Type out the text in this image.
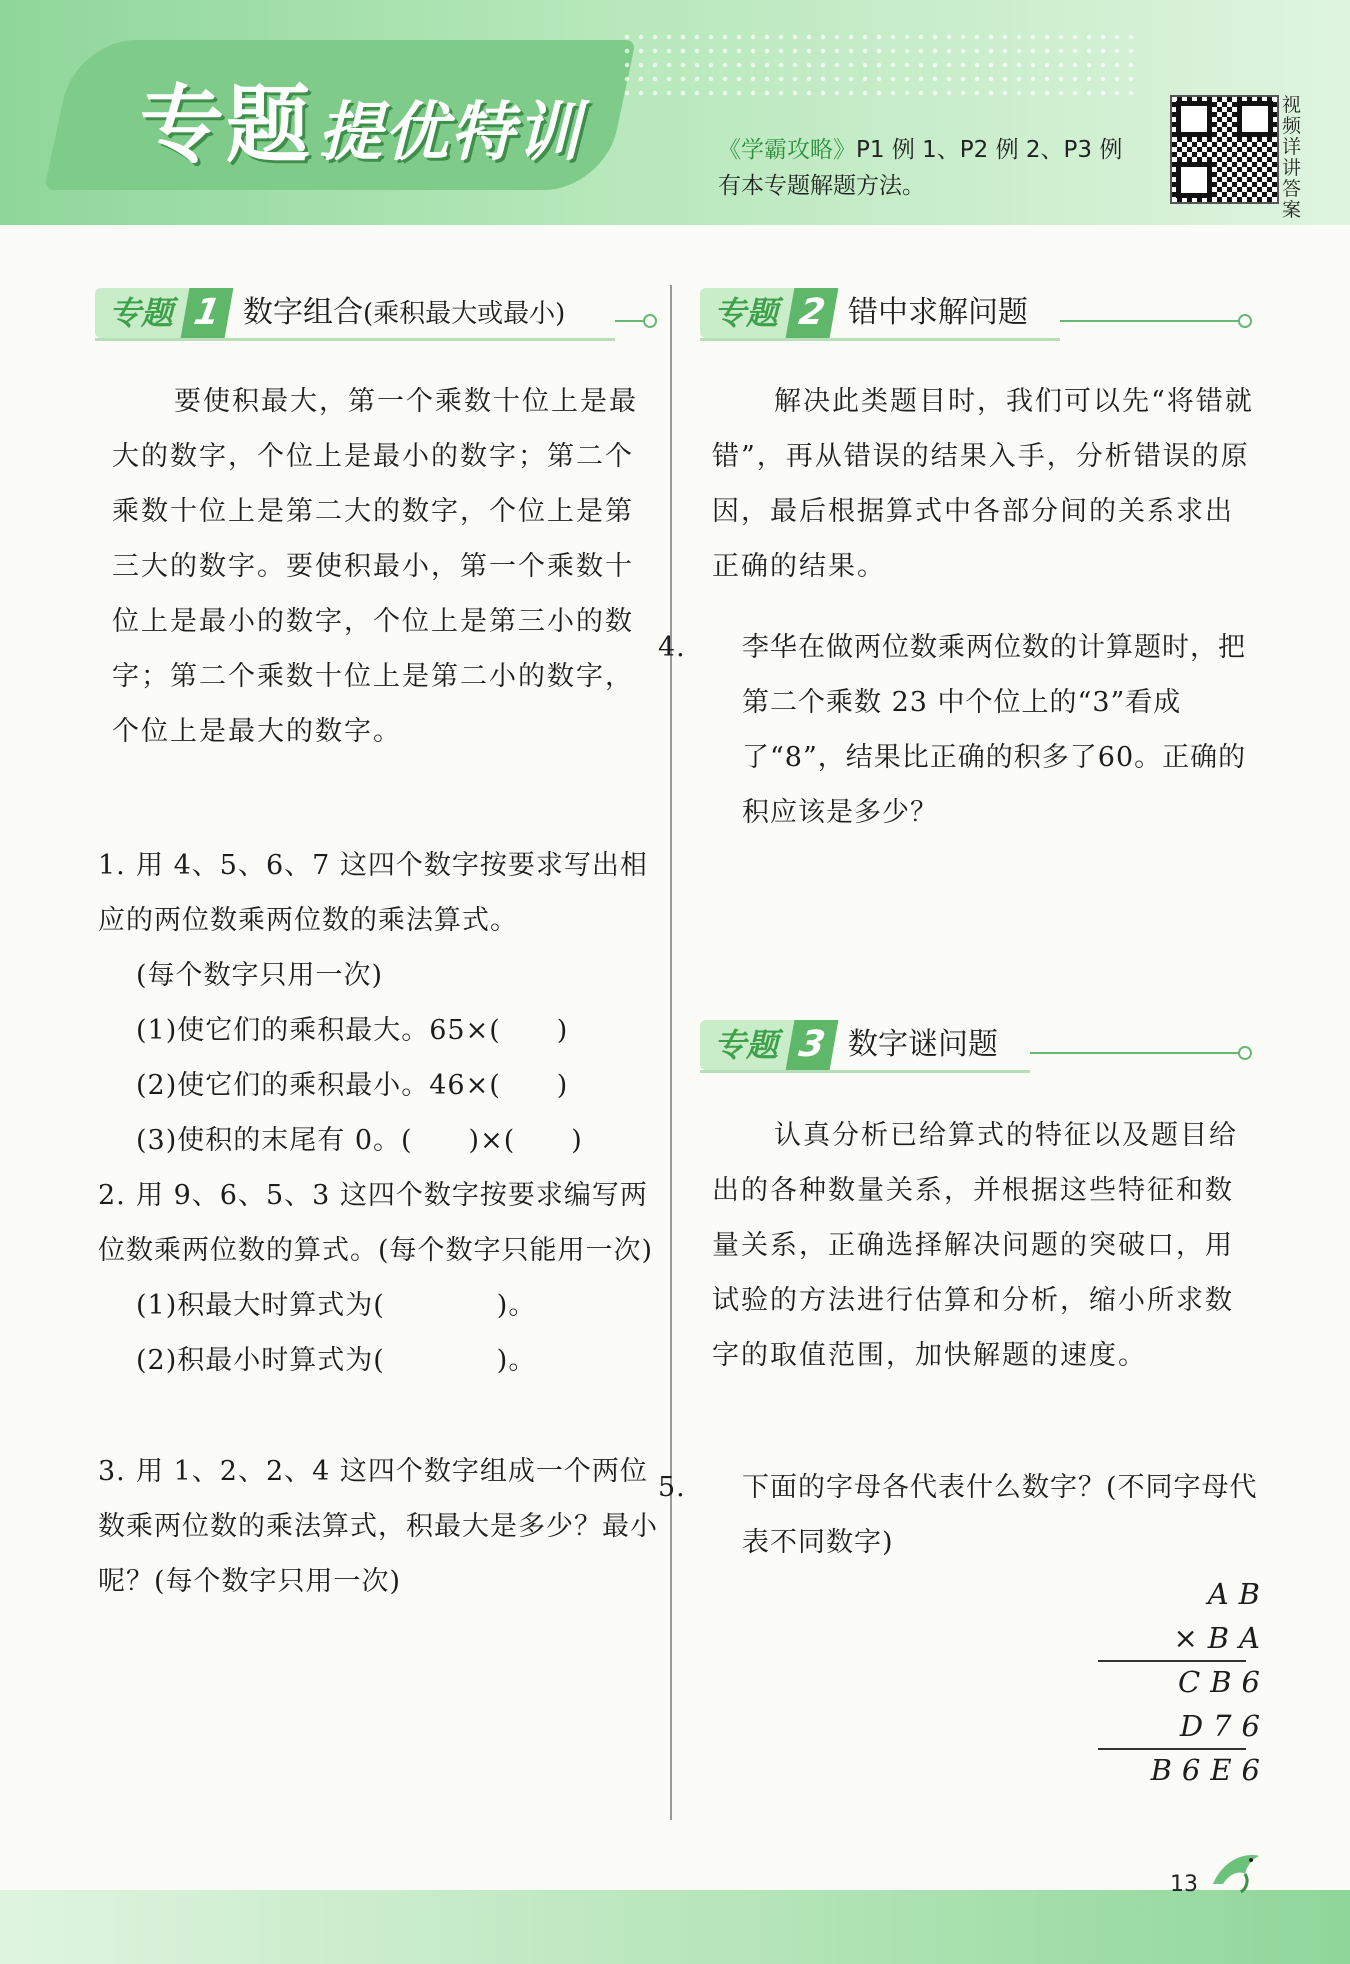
专题提优特训	《学霸攻略》P1 例 1、P2 例 2、P3 例
有本专题解题方法。
视频详讲答案
专题 1 数字组合(乘积最大或最小)
要使积最大，第一个乘数十位上是最大的数字，个位上是最小的数字；第二个乘数十位上是第二大的数字，个位上是第三大的数字。要使积最小，第一个乘数十位上是最小的数字，个位上是第三小的数字；第二个乘数十位上是第二小的数字，个位上是最大的数字。

1. 用 4、5、6、7 这四个数字按要求写出相应的两位数乘两位数的乘法算式。

(每个数字只用一次)

(1)使它们的乘积最大。65×(　　)

(2)使它们的乘积最小。46×(　　)

(3)使积的末尾有 0。(　　)×(　　)

2. 用 9、6、5、3 这四个数字按要求编写两位数乘两位数的算式。(每个数字只能用一次)

(1)积最大时算式为(　　　　)。

(2)积最小时算式为(　　　　)。

3. 用 1、2、2、4 这四个数字组成一个两位数乘两位数的乘法算式，积最大是多少？最小呢？(每个数字只用一次)

专题 2 错中求解问题
解决此类题目时，我们可以先“将错就错”，再从错误的结果入手，分析错误的原因，最后根据算式中各部分间的关系求出正确的结果。

4. 李华在做两位数乘两位数的计算题时，把第二个乘数 23 中个位上的“3”看成了“8”，结果比正确的积多了60。正确的积应该是多少？

专题 3 数字谜问题
认真分析已给算式的特征以及题目给出的各种数量关系，并根据这些特征和数量关系，正确选择解决问题的突破口，用试验的方法进行估算和分析，缩小所求数字的取值范围，加快解题的速度。

5. 下面的字母各代表什么数字？(不同字母代表不同数字)

AB
×BA
CB6
D76
B6E6
13
